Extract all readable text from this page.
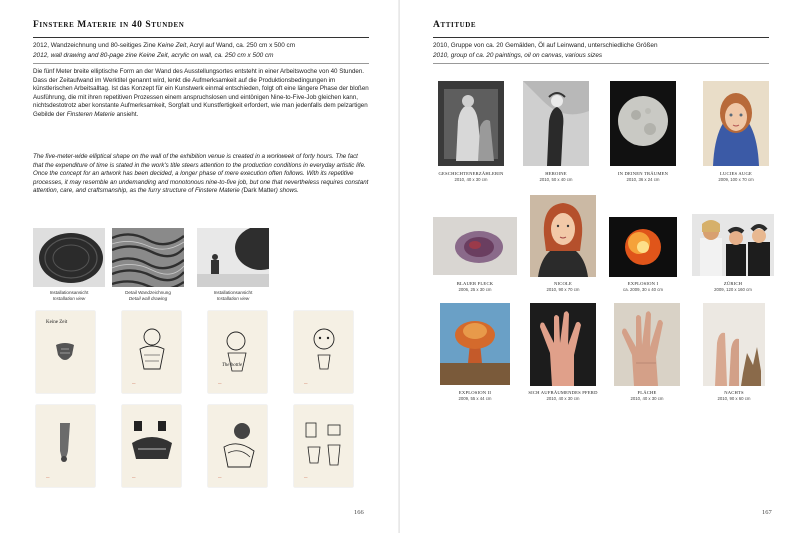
Finstere Materie in 40 Stunden
2012, Wandzeichnung und 80-seitiges Zine Keine Zeit, Acryl auf Wand, ca. 250 cm x 500 cm
2012, wall drawing and 80-page zine Keine Zeit, acrylic on wall, ca. 250 cm x 500 cm
Die fünf Meter breite elliptische Form an der Wand des Ausstellungsortes entsteht in einer Arbeitswoche von 40 Stunden. Dass der Zeitaufwand im Werktitel genannt wird, lenkt die Aufmerksamkeit auf die Produktionsbedingungen im künstlerischen Arbeitsalltag. Ist das Konzept für ein Kunstwerk einmal entschieden, folgt oft eine längere Phase der bloßen Ausführung, die mit ihren repetitiven Prozessen einem anspruchslosen und eintönigen Nine-to-Five-Job gleichen kann, nichtsdestotrotz aber konstante Aufmerksamkeit, Sorgfalt und Kunstfertigkeit erfordert, wie man jedenfalls dem pelzartigen Gebilde der Finsteren Materie ansieht.
The five-meter-wide elliptical shape on the wall of the exhibition venue is created in a workweek of forty hours. The fact that the expenditure of time is stated in the work's title steers attention to the production conditions in everyday artistic life. Once the concept for an artwork has been decided, a longer phase of mere execution often follows. With its repetitive processes, it may resemble an undemanding and monotonous nine-to-five job, but one that nevertheless requires constant attention, care, and craftsmanship, as the furry structure of Finstere Materie (Dark Matter) shows.
Installationsansicht
Installation view
Detail Wandzeichnung
Detail wall drawing
Installationsansicht
Installation view
Keine Zeit
—
The bottle
—	—
—	—	—	—
166
Attitude
2010, Gruppe von ca. 20 Gemälden, Öl auf Leinwand, unterschiedliche Größen
2010, group of ca. 20 paintings, oil on canvas, various sizes
GESCHICHTENERZÄHLERIN
2010, 40 x 30 cm
HEROINE
2010, 50 x 40 cm
IN DEINEN TRÄUMEN
2010, 36 x 24 cm
LUCIES AUGE
2009, 100 x 70 cm
BLAUER FLECK
2006, 25 x 30 cm
NICOLE
2010, 90 x 70 cm
EXPLOSION I
ca. 2009, 30 x 40 cm
ZÜRICH
2009, 120 x 160 cm
EXPLOSION II
2009, 55 x 44 cm
SICH AUFBÄUMENDES PFERD
2010, 40 x 30 cm
FLÄCHE
2010, 40 x 30 cm
NACHTS
2010, 90 x 60 cm
167
